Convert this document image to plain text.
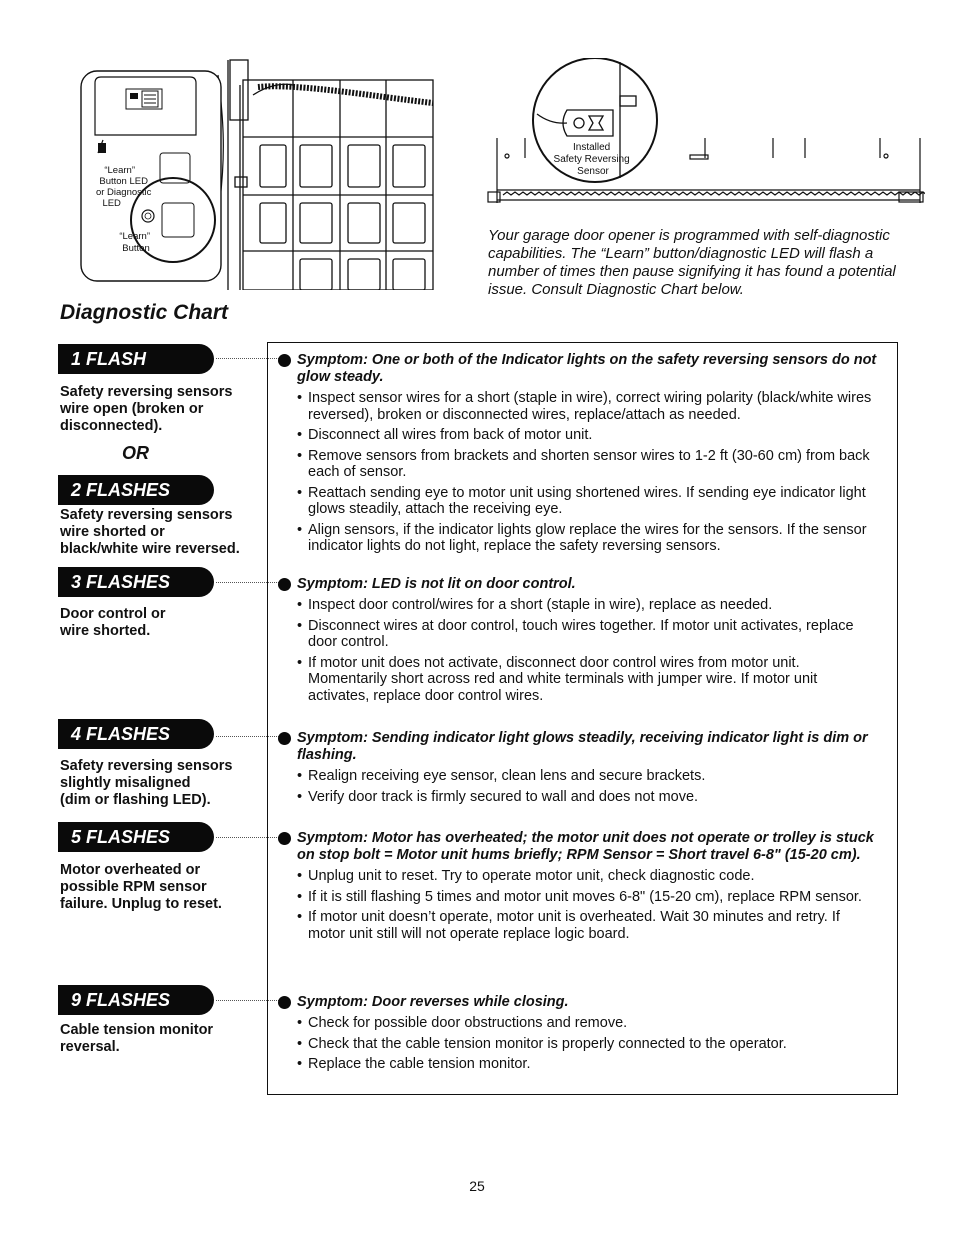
“Learn” Button LED or Diagnostic LED “Learn” Button
Installed Safety Reversing Sensor
Your garage door opener is programmed with self-diagnostic capabilities. The “Learn” button/diagnostic LED will flash a number of times then pause signifying it has found a potential issue. Consult Diagnostic Chart below.
Diagnostic Chart
1 FLASH
Safety reversing sensors
wire open (broken or
disconnected).
OR
2 FLASHES
Safety reversing sensors
wire shorted or
black/white wire reversed.
3 FLASHES
Door control or
wire shorted.
4 FLASHES
Safety reversing sensors
slightly misaligned
(dim or flashing LED).
5 FLASHES
Motor overheated or
possible RPM sensor
failure. Unplug to reset.
9 FLASHES
Cable tension monitor
reversal.
Symptom: One or both of the Indicator lights on the safety reversing sensors do not glow steady.
• Inspect sensor wires for a short (staple in wire), correct wiring polarity (black/white wires reversed), broken or disconnected wires, replace/attach as needed.
• Disconnect all wires from back of motor unit.
• Remove sensors from brackets and shorten sensor wires to 1-2 ft (30-60 cm) from back each of sensor.
• Reattach sending eye to motor unit using shortened wires. If sending eye indicator light glows steadily, attach the receiving eye.
• Align sensors, if the indicator lights glow replace the wires for the sensors. If the sensor indicator lights do not light, replace the safety reversing sensors.
Symptom: LED is not lit on door control.
• Inspect door control/wires for a short (staple in wire), replace as needed.
• Disconnect wires at door control, touch wires together. If motor unit activates, replace door control.
• If motor unit does not activate, disconnect door control wires from motor unit. Momentarily short across red and white terminals with jumper wire. If motor unit activates, replace door control wires.
Symptom: Sending indicator light glows steadily, receiving indicator light is dim or flashing.
• Realign receiving eye sensor, clean lens and secure brackets.
• Verify door track is firmly secured to wall and does not move.
Symptom: Motor has overheated; the motor unit does not operate or trolley is stuck on stop bolt = Motor unit hums briefly; RPM Sensor = Short travel 6-8" (15-20 cm).
• Unplug unit to reset. Try to operate motor unit, check diagnostic code.
• If it is still flashing 5 times and motor unit moves 6-8" (15-20 cm), replace RPM sensor.
• If motor unit doesn’t operate, motor unit is overheated. Wait 30 minutes and retry. If motor unit still will not operate replace logic board.
Symptom: Door reverses while closing.
• Check for possible door obstructions and remove.
• Check that the cable tension monitor is properly connected to the operator.
• Replace the cable tension monitor.
25
